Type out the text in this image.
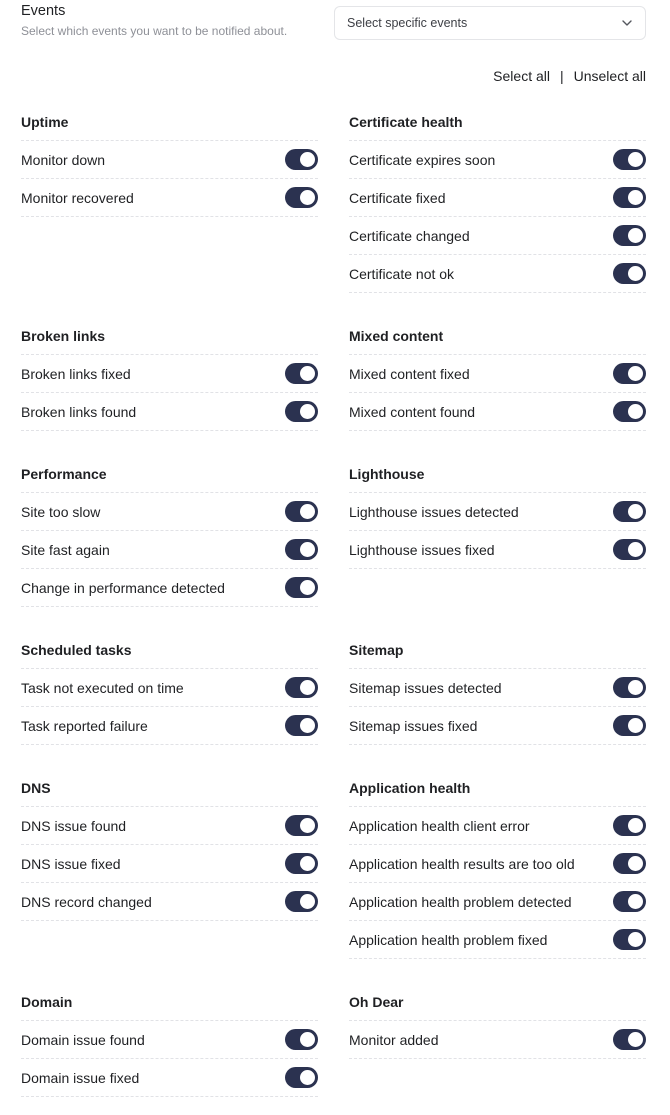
Events
Select which events you want to be notified about.
Select specific events
Select all | Unselect all
Uptime
Monitor down
Monitor recovered
Certificate health
Certificate expires soon
Certificate fixed
Certificate changed
Certificate not ok
Broken links
Broken links fixed
Broken links found
Mixed content
Mixed content fixed
Mixed content found
Performance
Site too slow
Site fast again
Change in performance detected
Lighthouse
Lighthouse issues detected
Lighthouse issues fixed
Scheduled tasks
Task not executed on time
Task reported failure
Sitemap
Sitemap issues detected
Sitemap issues fixed
DNS
DNS issue found
DNS issue fixed
DNS record changed
Application health
Application health client error
Application health results are too old
Application health problem detected
Application health problem fixed
Domain
Domain issue found
Domain issue fixed
Oh Dear
Monitor added
